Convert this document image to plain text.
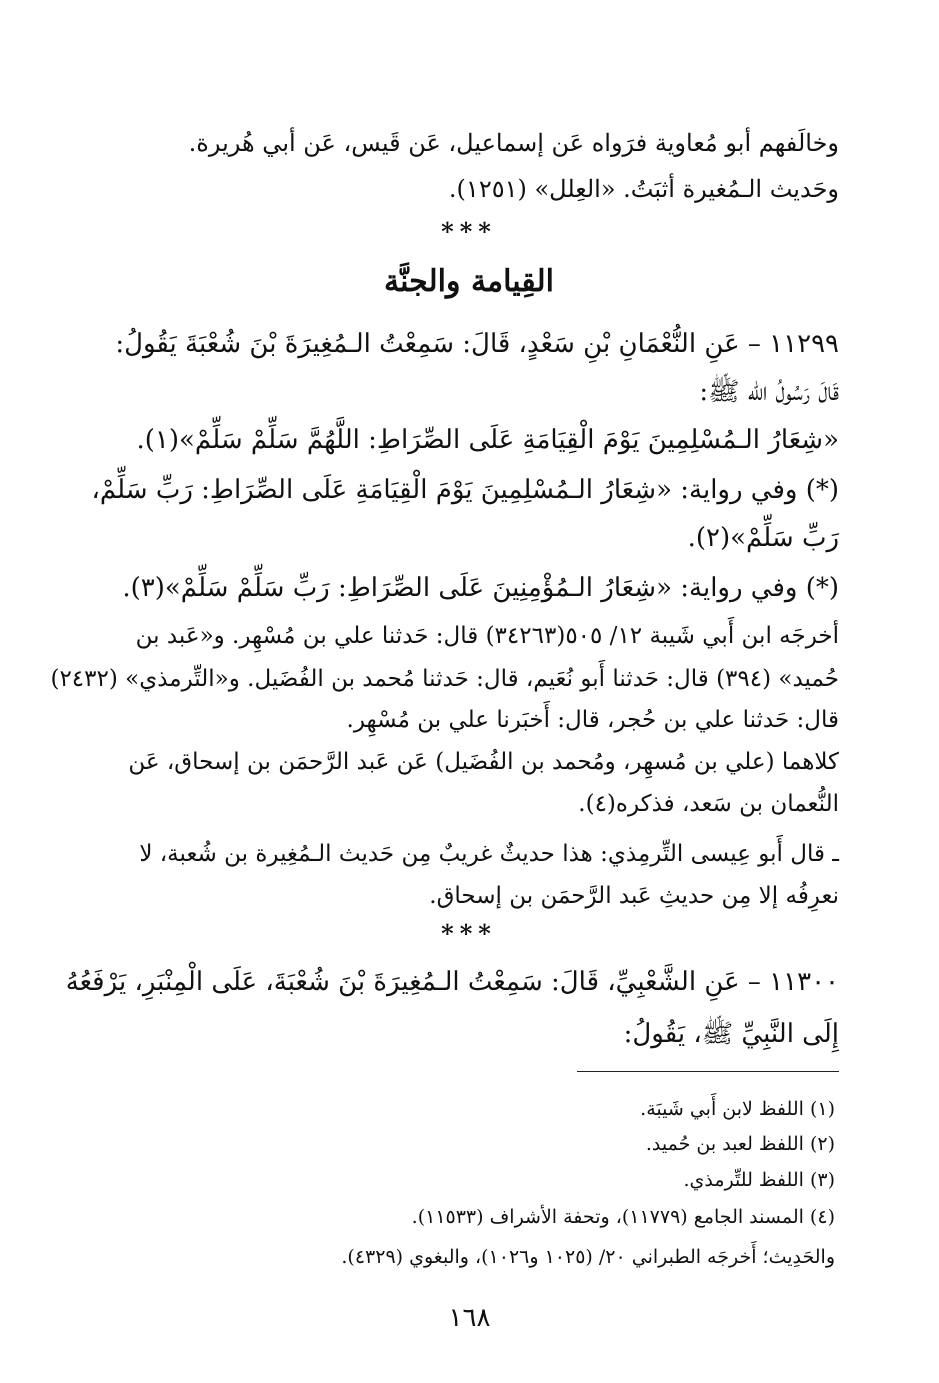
وخالَفهم أبو مُعاوية فرَواه عَن إسماعيل، عَن قَيس، عَن أبي هُريرة.
وحَديث الـمُغيرة أثبَتُ. «العِلل» (١٢٥١).
***
القِيامة والجنَّة
١١٢٩٩ – عَنِ النُّعْمَانِ بْنِ سَعْدٍ، قَالَ: سَمِعْتُ الـمُغِيرَةَ بْنَ شُعْبَةَ يَقُولُ:
قَالَ رَسُولُ الله ﷺ:
«شِعَارُ الـمُسْلِمِينَ يَوْمَ الْقِيَامَةِ عَلَى الصِّرَاطِ: اللَّهُمَّ سَلِّمْ سَلِّمْ»(١).
(*) وفي رواية: «شِعَارُ الـمُسْلِمِينَ يَوْمَ الْقِيَامَةِ عَلَى الصِّرَاطِ: رَبِّ سَلِّمْ،
رَبِّ سَلِّمْ»(٢).
(*) وفي رواية: «شِعَارُ الـمُؤْمِنِينَ عَلَى الصِّرَاطِ: رَبِّ سَلِّمْ سَلِّمْ»(٣).
أخرجَه ابن أَبي شَيبة ١٢/ ٥٠٥(٣٤٢٦٣) قال: حَدثنا علي بن مُسْهِر. و«عَبد بن
حُميد» (٣٩٤) قال: حَدثنا أَبو نُعَيم، قال: حَدثنا مُحمد بن الفُضَيل. و«التِّرمذي» (٢٤٣٢)
قال: حَدثنا علي بن حُجر، قال: أَخبَرنا علي بن مُسْهِر.
كلاهما (علي بن مُسهِر، ومُحمد بن الفُضَيل) عَن عَبد الرَّحمَن بن إسحاق، عَن
النُّعمان بن سَعد، فذكره(٤).
ـ قال أَبو عِيسى التِّرمِذي: هذا حديثٌ غريبٌ مِن حَديث الـمُغِيرة بن شُعبة، لا
نعرِفُه إلا مِن حديثِ عَبد الرَّحمَن بن إسحاق.
***
١١٣٠٠ – عَنِ الشَّعْبِيِّ، قَالَ: سَمِعْتُ الـمُغِيرَةَ بْنَ شُعْبَةَ، عَلَى الْمِنْبَرِ، يَرْفَعُهُ
إِلَى النَّبِيِّ ﷺ، يَقُولُ:
(١) اللفظ لابن أَبي شَيبَة.
(٢) اللفظ لعبد بن حُميد.
(٣) اللفظ للتِّرمذي.
(٤) المسند الجامع (١١٧٧٩)، وتحفة الأشراف (١١٥٣٣).
والحَدِيث؛ أَخرجَه الطبراني ٢٠/ (١٠٢٥ و١٠٢٦)، والبغوي (٤٣٢٩).
١٦٨
